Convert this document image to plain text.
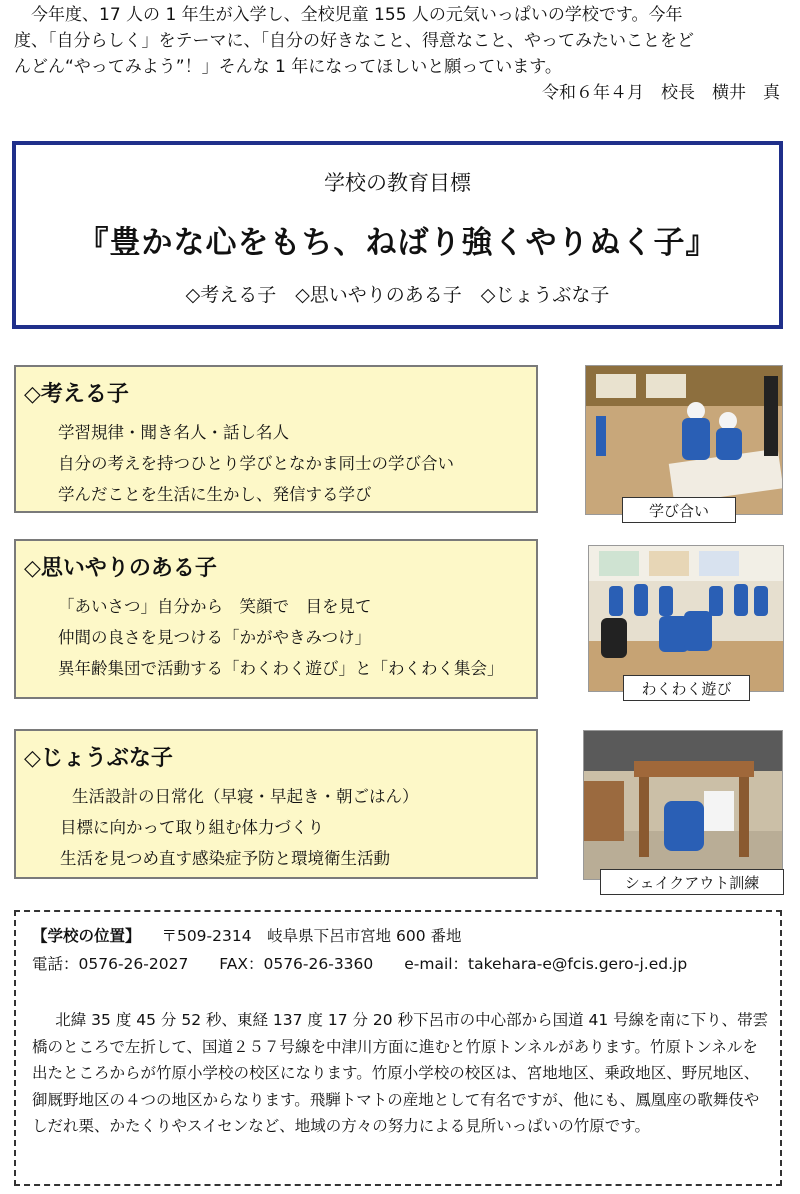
今年度、17 人の 1 年生が入学し、全校児童 155 人の元気いっぱいの学校です。今年

度、「自分らしく」をテーマに、「自分の好きなこと、得意なこと、やってみたいことをど

んどん“やってみよう”！」そんな 1 年になってほしいと願っています。

令和６年４月　校長　横井　真

学校の教育目標
『豊かな心をもち、ねばり強くやりぬく子』
◇考える子　◇思いやりのある子　◇じょうぶな子
◇考える子
学習規律・聞き名人・話し名人
自分の考えを持つひとり学びとなかま同士の学び合い
学んだことを生活に生かし、発信する学び
学び合い
◇思いやりのある子
「あいさつ」自分から　笑顔で　目を見て
仲間の良さを見つける「かがやきみつけ」
異年齢集団で活動する「わくわく遊び」と「わくわく集会」
わくわく遊び
◇じょうぶな子
生活設計の日常化（早寝・早起き・朝ごはん）
目標に向かって取り組む体力づくり
生活を見つめ直す感染症予防と環境衛生活動
シェイクアウト訓練
【学校の位置】 〒509-2314　岐阜県下呂市宮地 600 番地
電話：0576-26-2027 FAX：0576-26-3360 e-mail：takehara-e@fcis.gero-j.ed.jp

北緯 35 度 45 分 52 秒、東経 137 度 17 分 20 秒下呂市の中心部から国道 41 号線を南に下り、帯雲橋のところで左折して、国道２５７号線を中津川方面に進むと竹原トンネルがあります。竹原トンネルを出たところからが竹原小学校の校区になります。竹原小学校の校区は、宮地地区、乗政地区、野尻地区、御厩野地区の４つの地区からなります。飛騨トマトの産地として有名ですが、他にも、鳳凰座の歌舞伎やしだれ栗、かたくりやスイセンなど、地域の方々の努力による見所いっぱいの竹原です。
